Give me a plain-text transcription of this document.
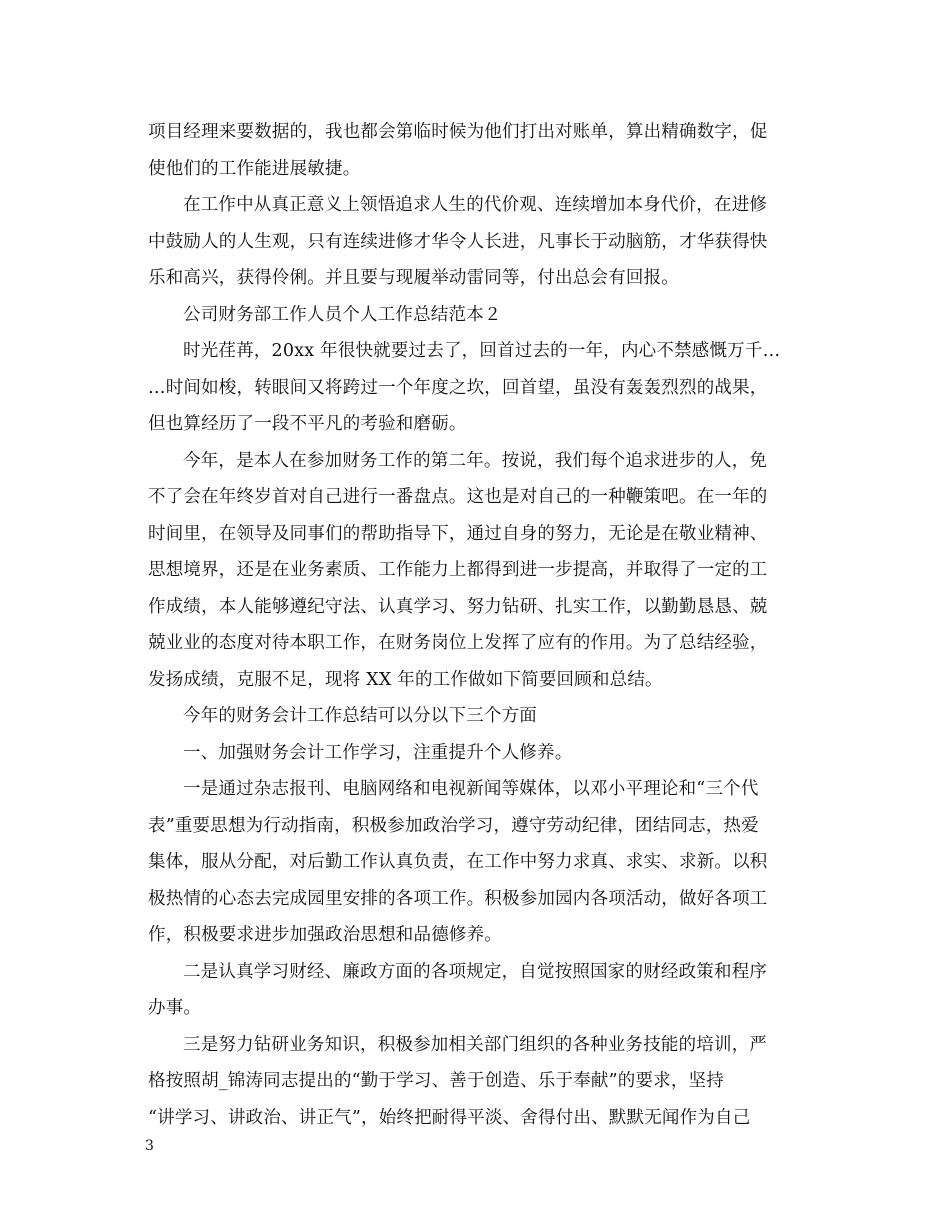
项目经理来要数据的，我也都会第临时候为他们打出对账单，算出精确数字，促
使他们的工作能进展敏捷。
在工作中从真正意义上领悟追求人生的代价观、连续增加本身代价，在进修
中鼓励人的人生观，只有连续进修才华令人长进，凡事长于动脑筋，才华获得快
乐和高兴，获得伶俐。并且要与现履举动雷同等，付出总会有回报。
公司财务部工作人员个人工作总结范本２
时光荏苒，20xx 年很快就要过去了，回首过去的一年，内心不禁感慨万千…
…时间如梭，转眼间又将跨过一个年度之坎，回首望，虽没有轰轰烈烈的战果，
但也算经历了一段不平凡的考验和磨砺。
今年，是本人在参加财务工作的第二年。按说，我们每个追求进步的人，免
不了会在年终岁首对自己进行一番盘点。这也是对自己的一种鞭策吧。在一年的
时间里，在领导及同事们的帮助指导下，通过自身的努力，无论是在敬业精神、
思想境界，还是在业务素质、工作能力上都得到进一步提高，并取得了一定的工
作成绩，本人能够遵纪守法、认真学习、努力钻研、扎实工作，以勤勤恳恳、兢
兢业业的态度对待本职工作，在财务岗位上发挥了应有的作用。为了总结经验，
发扬成绩，克服不足，现将 XX 年的工作做如下简要回顾和总结。
今年的财务会计工作总结可以分以下三个方面
一、加强财务会计工作学习，注重提升个人修养。
一是通过杂志报刊、电脑网络和电视新闻等媒体，以邓小平理论和“三个代
表”重要思想为行动指南，积极参加政治学习，遵守劳动纪律，团结同志，热爱
集体，服从分配，对后勤工作认真负责，在工作中努力求真、求实、求新。以积
极热情的心态去完成园里安排的各项工作。积极参加园内各项活动，做好各项工
作，积极要求进步加强政治思想和品德修养。
二是认真学习财经、廉政方面的各项规定，自觉按照国家的财经政策和程序
办事。
三是努力钻研业务知识，积极参加相关部门组织的各种业务技能的培训，严
格按照胡_锦涛同志提出的“勤于学习、善于创造、乐于奉献”的要求，坚持
“讲学习、讲政治、讲正气”，始终把耐得平淡、舍得付出、默默无闻作为自己
3
